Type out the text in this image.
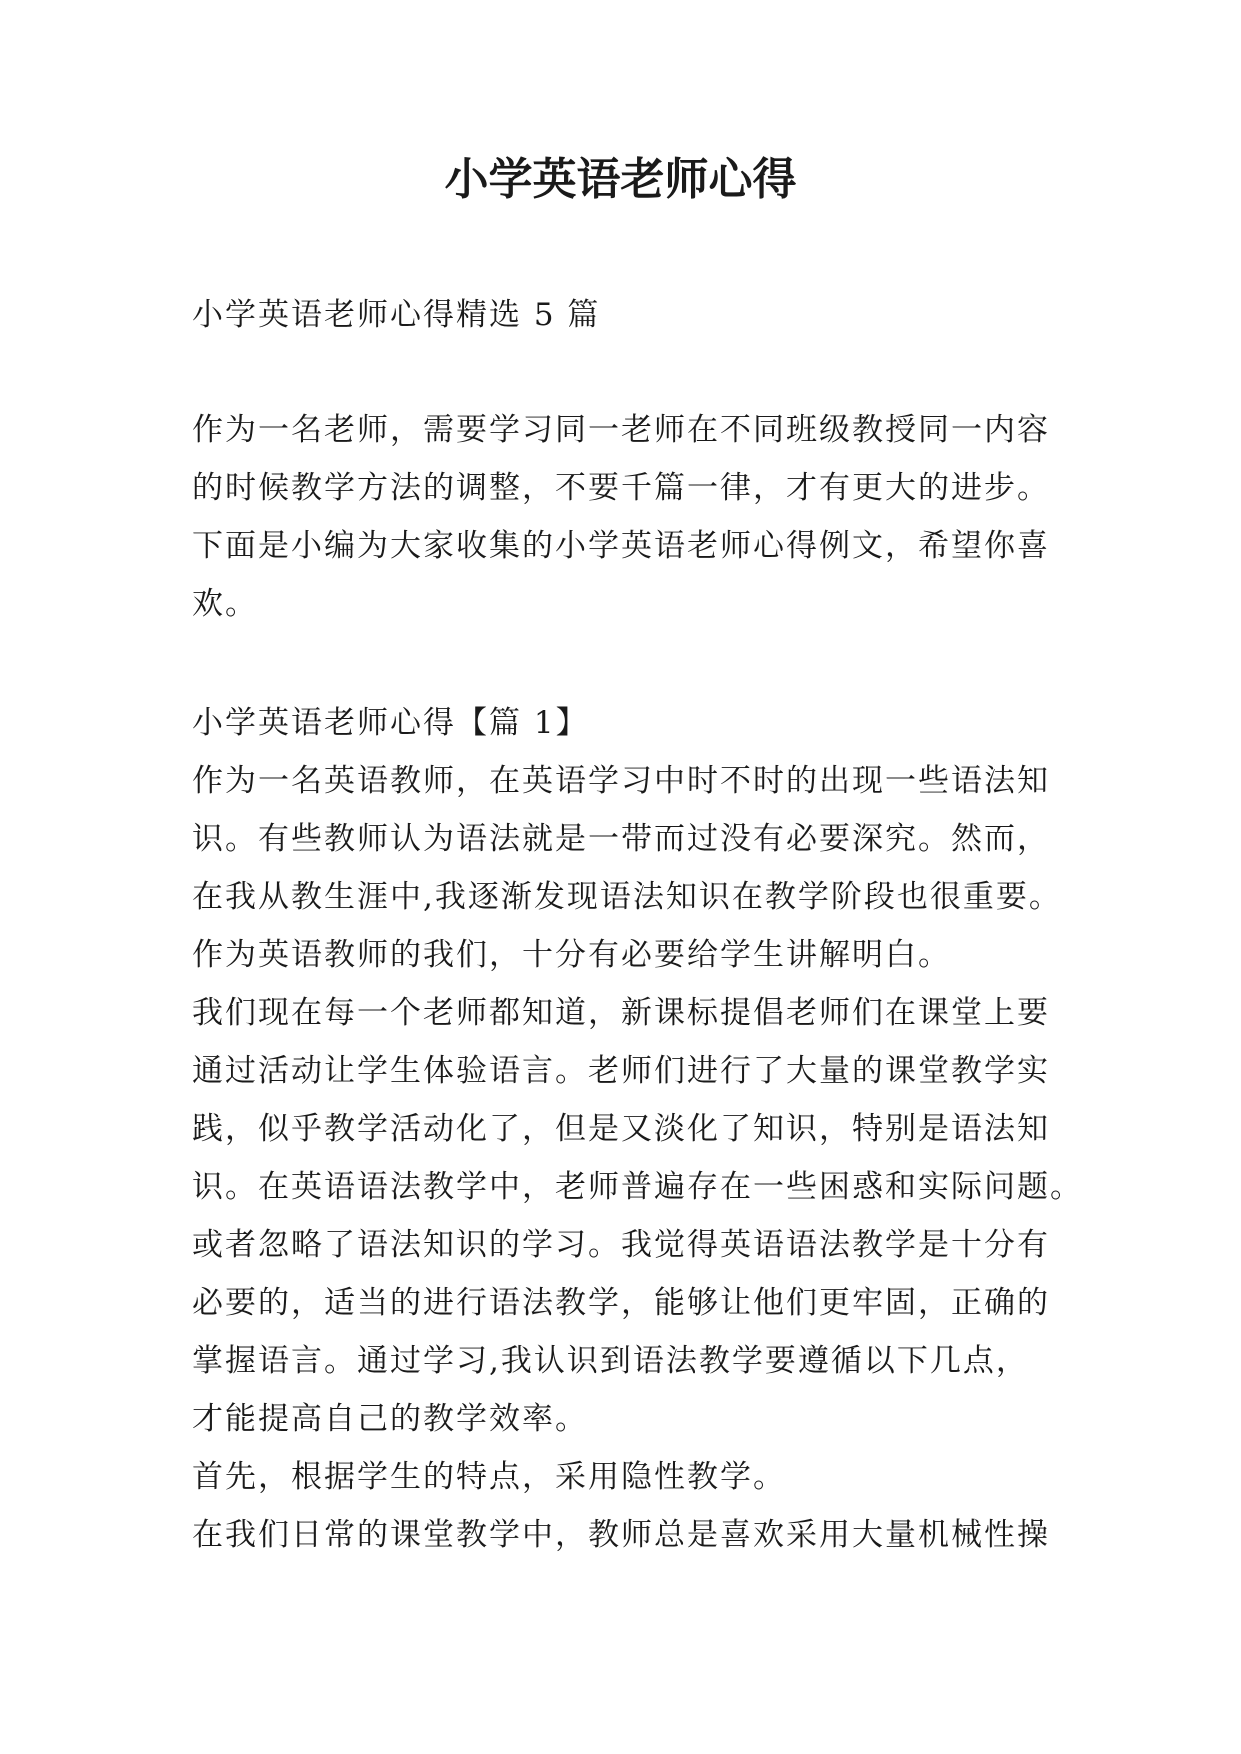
小学英语老师心得

小学英语老师心得精选 5 篇

作为一名老师，需要学习同一老师在不同班级教授同一内容
的时候教学方法的调整，不要千篇一律，才有更大的进步。
下面是小编为大家收集的小学英语老师心得例文，希望你喜
欢。

小学英语老师心得【篇 1】
作为一名英语教师，在英语学习中时不时的出现一些语法知
识。有些教师认为语法就是一带而过没有必要深究。然而，
在我从教生涯中,我逐渐发现语法知识在教学阶段也很重要。
作为英语教师的我们，十分有必要给学生讲解明白。
我们现在每一个老师都知道，新课标提倡老师们在课堂上要
通过活动让学生体验语言。老师们进行了大量的课堂教学实
践，似乎教学活动化了，但是又淡化了知识，特别是语法知
识。在英语语法教学中，老师普遍存在一些困惑和实际问题。
或者忽略了语法知识的学习。我觉得英语语法教学是十分有
必要的，适当的进行语法教学，能够让他们更牢固，正确的
掌握语言。通过学习,我认识到语法教学要遵循以下几点，
才能提高自己的教学效率。
首先，根据学生的特点，采用隐性教学。
在我们日常的课堂教学中，教师总是喜欢采用大量机械性操
